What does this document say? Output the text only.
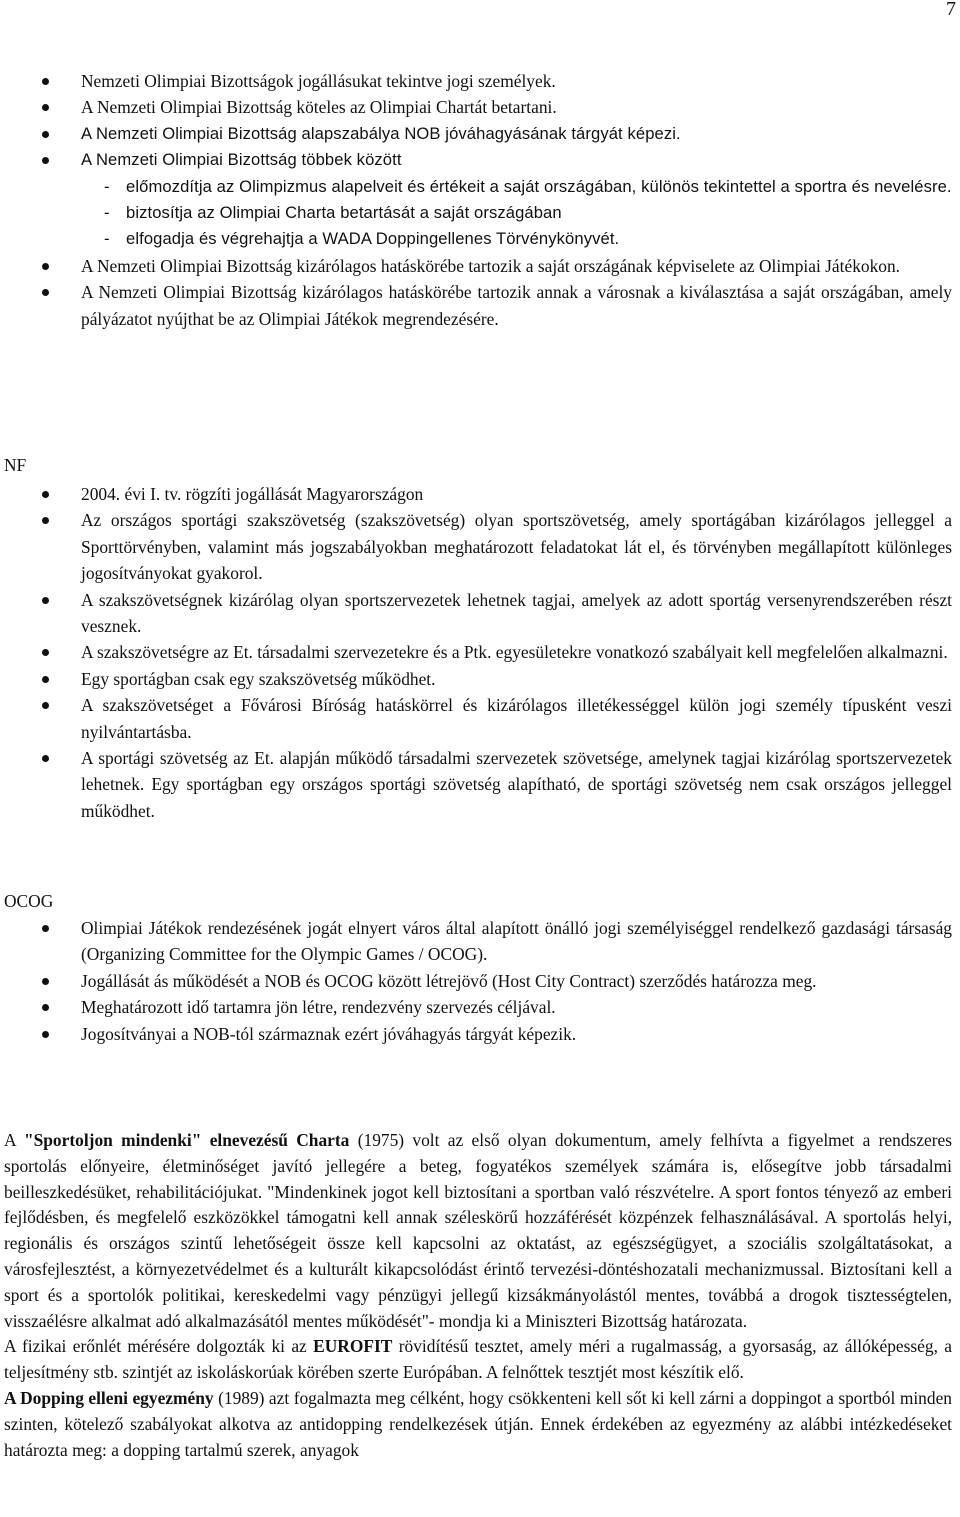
7
Nemzeti Olimpiai Bizottságok jogállásukat tekintve jogi személyek.
A Nemzeti Olimpiai Bizottság köteles az Olimpiai Chartát betartani.
A Nemzeti Olimpiai Bizottság alapszabálya NOB jóváhagyásának tárgyát képezi.
A Nemzeti Olimpiai Bizottság többek között
- előmozdítja az Olimpizmus alapelveit és értékeit a saját országában, különös tekintettel a sportra és nevelésre.
- biztosítja az Olimpiai Charta betartását a saját országában
- elfogadja és végrehajtja a WADA Doppingellenes Törvénykönyvét.
A Nemzeti Olimpiai Bizottság kizárólagos hatáskörébe tartozik a saját országának képviselete az Olimpiai Játékokon.
A Nemzeti Olimpiai Bizottság kizárólagos hatáskörébe tartozik annak a városnak a kiválasztása a saját országában, amely pályázatot nyújthat be az Olimpiai Játékok megrendezésére.
NF
2004. évi I. tv. rögzíti jogállását Magyarországon
Az országos sportági szakszövetség (szakszövetség) olyan sportszövetség, amely sportágában kizárólagos jelleggel a Sporttörvényben, valamint más jogszabályokban meghatározott feladatokat lát el, és törvényben megállapított különleges jogosítványokat gyakorol.
A szakszövetségnek kizárólag olyan sportszervezetek lehetnek tagjai, amelyek az adott sportág versenyrendszerében részt vesznek.
A szakszövetségre az Et. társadalmi szervezetekre és a Ptk. egyesületekre vonatkozó szabályait kell megfelelően alkalmazni.
Egy sportágban csak egy szakszövetség működhet.
A szakszövetséget a Fővárosi Bíróság hatáskörrel és kizárólagos illetékességgel külön jogi személy típusként veszi nyilvántartásba.
A sportági szövetség az Et. alapján működő társadalmi szervezetek szövetsége, amelynek tagjai kizárólag sportszervezetek lehetnek. Egy sportágban egy országos sportági szövetség alapítható, de sportági szövetség nem csak országos jelleggel működhet.
OCOG
Olimpiai Játékok rendezésének jogát elnyert város által alapított önálló jogi személyiséggel rendelkező gazdasági társaság (Organizing Committee for the Olympic Games / OCOG).
Jogállását ás működését a NOB és OCOG között létrejövő (Host City Contract) szerződés határozza meg.
Meghatározott idő tartamra jön létre, rendezvény szervezés céljával.
Jogosítványai a NOB-tól származnak ezért jóváhagyás tárgyát képezik.

A "Sportoljon mindenki" elnevezésű Charta (1975) volt az első olyan dokumentum, amely felhívta a figyelmet a rendszeres sportolás előnyeire, életminőséget javító jellegére a beteg, fogyatékos személyek számára is, elősegítve jobb társadalmi beilleszkedésüket, rehabilitációjukat. "Mindenkinek jogot kell biztosítani a sportban való részvételre. A sport fontos tényező az emberi fejlődésben, és megfelelő eszközökkel támogatni kell annak széleskörű hozzáférését közpénzek felhasználásával. A sportolás helyi, regionális és országos szintű lehetőségeit össze kell kapcsolni az oktatást, az egészségügyet, a szociális szolgáltatásokat, a városfejlesztést, a környezetvédelmet és a kulturált kikapcsolódást érintő tervezési-döntéshozatali mechanizmussal. Biztosítani kell a sport és a sportolók politikai, kereskedelmi vagy pénzügyi jellegű kizsákmányolástól mentes, továbbá a drogok tisztességtelen, visszaélésre alkalmat adó alkalmazásától mentes működését"- mondja ki a Miniszteri Bizottság határozata.

A fizikai erőnlét mérésére dolgozták ki az EUROFIT rövidítésű tesztet, amely méri a rugalmasság, a gyorsaság, az állóképesség, a teljesítmény stb. szintjét az iskoláskorúak körében szerte Európában. A felnőttek tesztjét most készítik elő.

A Dopping elleni egyezmény (1989) azt fogalmazta meg célként, hogy csökkenteni kell sőt ki kell zárni a doppingot a sportból minden szinten, kötelező szabályokat alkotva az antidopping rendelkezések útján. Ennek érdekében az egyezmény az alábbi intézkedéseket határozta meg: a dopping tartalmú szerek, anyagok
